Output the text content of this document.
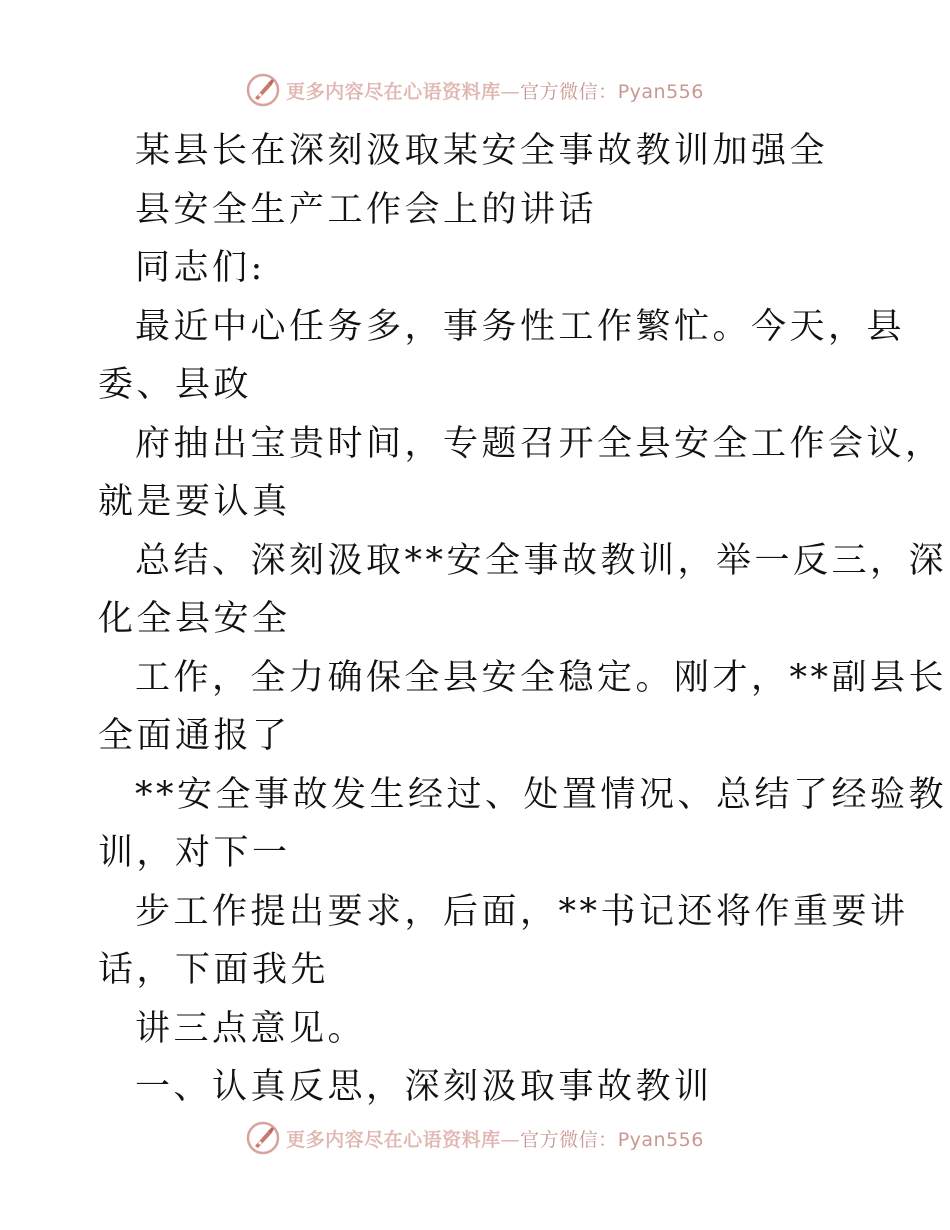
更多内容尽在心语资料库—官方微信：Pyan556
某县长在深刻汲取某安全事故教训加强全
县安全生产工作会上的讲话
同志们:
最近中心任务多，事务性工作繁忙。今天，县
委、县政
府抽出宝贵时间，专题召开全县安全工作会议，
就是要认真
总结、深刻汲取**安全事故教训，举一反三，深
化全县安全
工作，全力确保全县安全稳定。刚才，**副县长
全面通报了
**安全事故发生经过、处置情况、总结了经验教
训，对下一
步工作提出要求，后面，**书记还将作重要讲
话，下面我先
讲三点意见。
一、认真反思，深刻汲取事故教训
更多内容尽在心语资料库—官方微信：Pyan556
